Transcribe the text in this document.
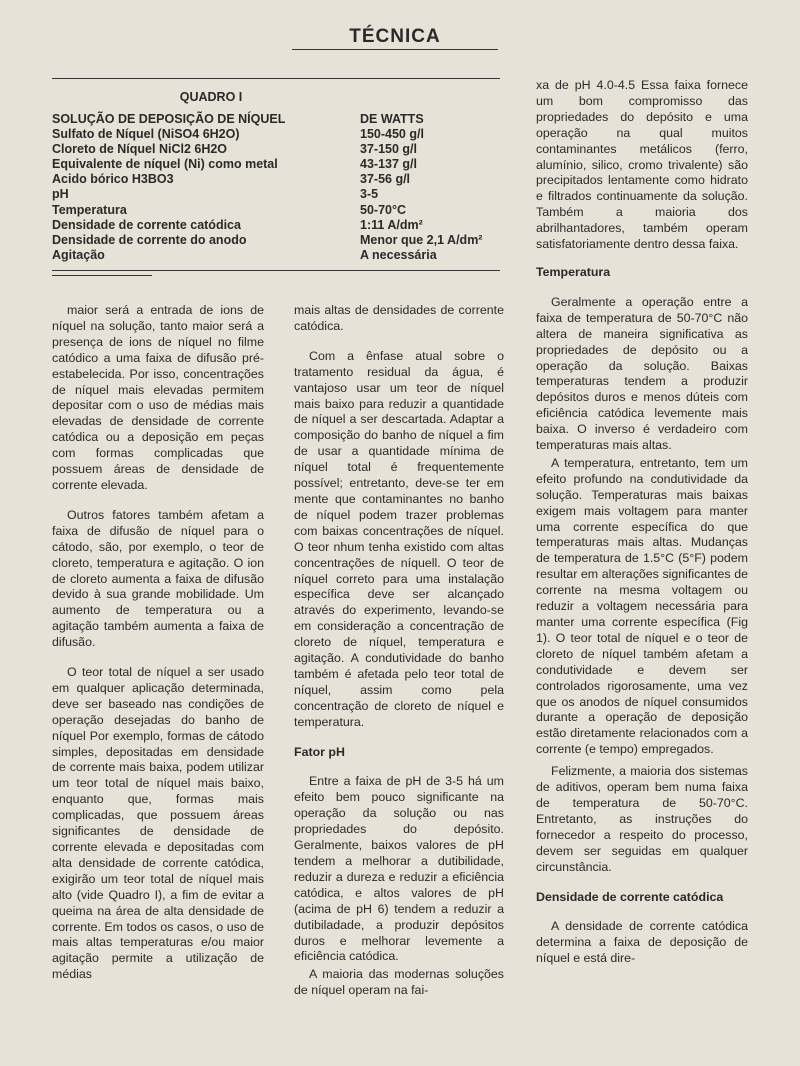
TÉCNICA
QUADRO I
SOLUÇÃO DE DEPOSIÇÃO DE NÍQUEL	DE WATTS
Sulfato de Níquel (NiSO4 6H2O)	150-450 g/l
Cloreto de Níquel NiCl2 6H2O	37-150 g/l
Equivalente de níquel (Ni) como metal	43-137 g/l
Acido bórico H3BO3	37-56 g/l
pH	3-5
Temperatura	50-70°C
Densidade de corrente catódica	1:11 A/dm²
Densidade de corrente do anodo	Menor que 2,1 A/dm²
Agitação	A necessária

maior será a entrada de ions de níquel na solução, tanto maior será a presença de ions de níquel no filme catódico a uma faixa de difusão pré-estabelecida. Por isso, concentrações de níquel mais elevadas permitem depositar com o uso de médias mais elevadas de densidade de corrente catódica ou a deposição em peças com formas complicadas que possuem áreas de densidade de corrente elevada.

Outros fatores também afetam a faixa de difusão de níquel para o cátodo, são, por exemplo, o teor de cloreto, temperatura e agitação. O ion de cloreto aumenta a faixa de difusão devido à sua grande mobilidade. Um aumento de temperatura ou a agitação também aumenta a faixa de difusão.

O teor total de níquel a ser usado em qualquer aplicação determinada, deve ser baseado nas condições de operação desejadas do banho de níquel Por exemplo, formas de cátodo simples, depositadas em densidade de corrente mais baixa, podem utilizar um teor total de níquel mais baixo, enquanto que, formas mais complicadas, que possuem áreas significantes de densidade de corrente elevada e depositadas com alta densidade de corrente catódica, exigirão um teor total de níquel mais alto (vide Quadro I), a fim de evitar a queima na área de alta densidade de corrente. Em todos os casos, o uso de mais altas temperaturas e/ou maior agitação permite a utilização de médias

mais altas de densidades de corrente catódica.

Com a ênfase atual sobre o tratamento residual da água, é vantajoso usar um teor de níquel mais baixo para reduzir a quantidade de níquel a ser descartada. Adaptar a composição do banho de níquel a fim de usar a quantidade mínima de níquel total é frequentemente possível; entretanto, deve-se ter em mente que contaminantes no banho de níquel podem trazer problemas com baixas concentrações de níquel. O teor nhum tenha existido com altas concentrações de níquell. O teor de níquel correto para uma instalação específica deve ser alcançado através do experimento, levando-se em consideração a concentração de cloreto de níquel, temperatura e agitação. A condutividade do banho também é afetada pelo teor total de níquel, assim como pela concentração de cloreto de níquel e temperatura.

Fator pH

Entre a faixa de pH de 3-5 há um efeito bem pouco significante na operação da solução ou nas propriedades do depósito. Geralmente, baixos valores de pH tendem a melhorar a dutibilidade, reduzir a dureza e reduzir a eficiência catódica, e altos valores de pH (acima de pH 6) tendem a reduzir a dutibiladade, a produzir depósitos duros e melhorar levemente a eficiência catódica.

A maioria das modernas soluções de níquel operam na fai-

xa de pH 4.0-4.5 Essa faixa fornece um bom compromisso das propriedades do depósito e uma operação na qual muitos contaminantes metálicos (ferro, alumínio, silico, cromo trivalente) são precipitados lentamente como hidrato e filtrados continuamente da solução. Também a maioria dos abrilhantadores, também operam satisfatoriamente dentro dessa faixa.

Temperatura

Geralmente a operação entre a faixa de temperatura de 50-70°C não altera de maneira significativa as propriedades de depósito ou a operação da solução. Baixas temperaturas tendem a produzir depósitos duros e menos dúteis com eficiência catódica levemente mais baixa. O inverso é verdadeiro com temperaturas mais altas.

A temperatura, entretanto, tem um efeito profundo na condutividade da solução. Temperaturas mais baixas exigem mais voltagem para manter uma corrente específica do que temperaturas mais altas. Mudanças de temperatura de 1.5°C (5°F) podem resultar em alterações significantes de corrente na mesma voltagem ou reduzir a voltagem necessária para manter uma corrente específica (Fig 1). O teor total de níquel e o teor de cloreto de níquel também afetam a condutividade e devem ser controlados rigorosamente, uma vez que os anodos de níquel consumidos durante a operação de deposição estão diretamente relacionados com a corrente (e tempo) empregados.

Felizmente, a maioria dos sistemas de aditivos, operam bem numa faixa de temperatura de 50-70°C. Entretanto, as instruções do fornecedor a respeito do processo, devem ser seguidas em qualquer circunstância.

Densidade de corrente catódica

A densidade de corrente catódica determina a faixa de deposição de níquel e está dire-
